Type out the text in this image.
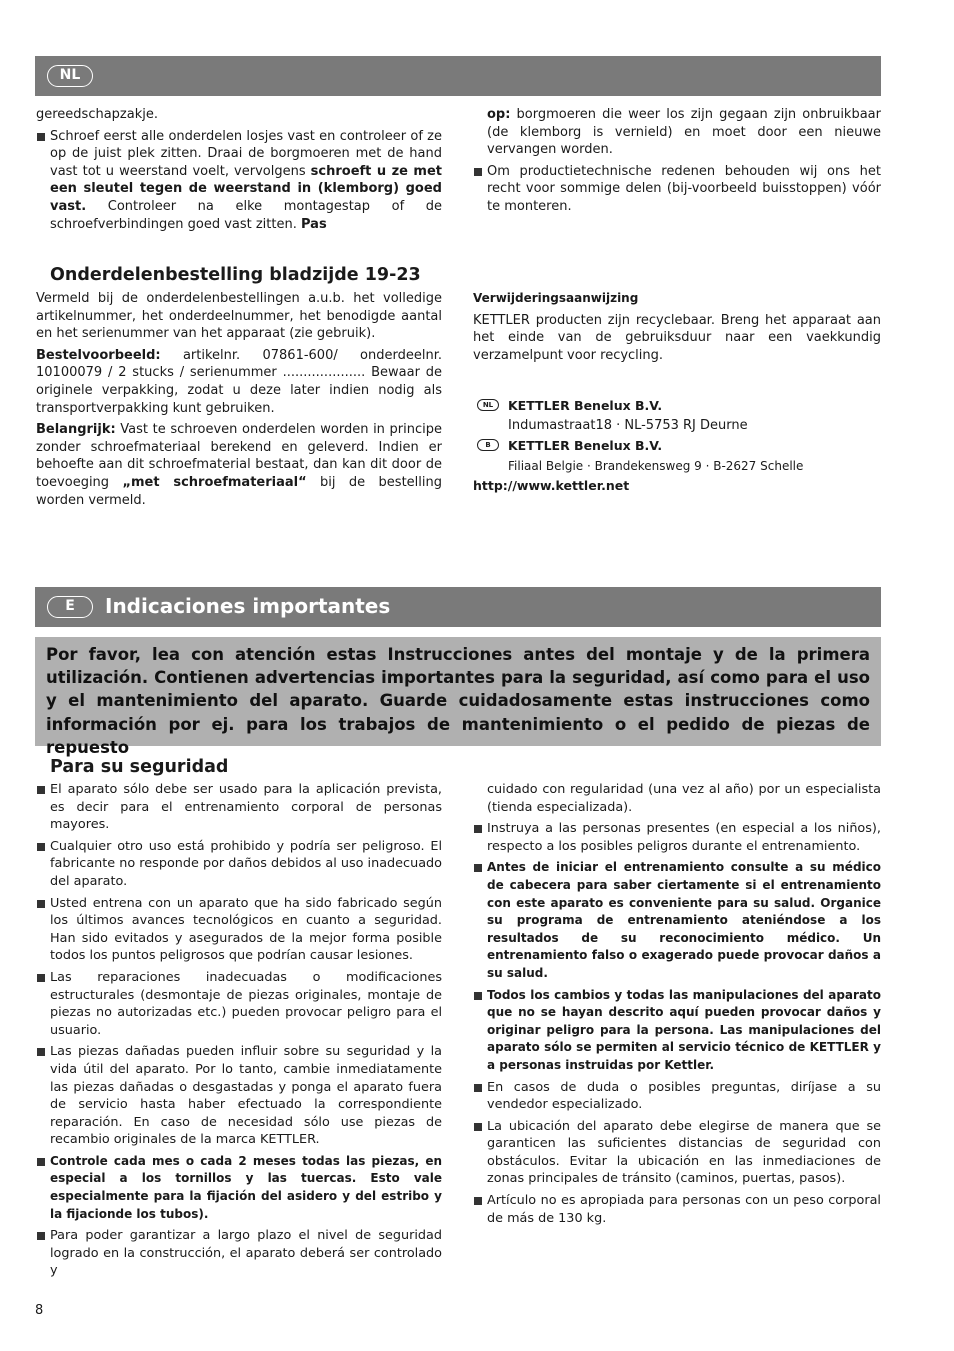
NL

gereedschapzakje.

Schroef eerst alle onderdelen losjes vast en controleer of ze op de juist plek zitten. Draai de borgmoeren met de hand vast tot u weerstand voelt, vervolgens schroeft u ze met een sleutel tegen de weerstand in (klemborg) goed vast. Controleer na elke montagestap of de schroefverbindingen goed vast zitten. Pas

op: borgmoeren die weer los zijn gegaan zijn onbruikbaar (de klemborg is vernield) en moet door een nieuwe vervangen worden.

Om productietechnische redenen behouden wij ons het recht voor sommige delen (bij-voorbeeld buisstoppen) vóór te monteren.
Onderdelenbestelling bladzijde 19-23

Vermeld bij de onderdelenbestellingen a.u.b. het volledige artikelnummer, het onderdeelnummer, het benodigde aantal en het serienummer van het apparaat (zie gebruik).

Bestelvoorbeeld: artikelnr. 07861-600/ onderdeelnr. 10100079 / 2 stucks / serienummer .................... Bewaar de originele verpakking, zodat u deze later indien nodig als transportverpakking kunt gebruiken.

Belangrijk: Vast te schroeven onderdelen worden in principe zonder schroefmateriaal berekend en geleverd. Indien er behoefte aan dit schroefmaterial bestaat, dan kan dit door de toevoeging „met schroefmateriaal“ bij de bestelling worden vermeld.

Verwijderingsaanwijzing

KETTLER producten zijn recyclebaar. Breng het apparaat aan het einde van de gebruiksduur naar een vaekkundig verzamelpunt voor recycling.

NL	KETTLER Benelux B.V.
Indumastraat18 · NL-5753 RJ Deurne
B	KETTLER Benelux B.V.
Filiaal Belgie · Brandekensweg 9 · B-2627 Schelle
http://www.kettler.net
E	Indicaciones importantes
Por favor, lea con atención estas Instrucciones antes del montaje y de la primera utilización. Contienen advertencias importantes para la seguridad, así como para el uso y el mantenimiento del aparato. Guarde cuidadosamente estas instrucciones como información por ej. para los trabajos de mantenimiento o el pedido de piezas de repuesto
Para su seguridad
El aparato sólo debe ser usado para la aplicación prevista, es decir para el entrenamiento corporal de personas mayores.
Cualquier otro uso está prohibido y podría ser peligroso. El fabricante no responde por daños debidos al uso inadecuado del aparato.
Usted entrena con un aparato que ha sido fabricado según los últimos avances tecnológicos en cuanto a seguridad. Han sido evitados y asegurados de la mejor forma posible todos los puntos peligrosos que podrían causar lesiones.
Las reparaciones inadecuadas o modificaciones estructurales (desmontaje de piezas originales, montaje de piezas no autorizadas etc.) pueden provocar peligro para el usuario.
Las piezas dañadas pueden influir sobre su seguridad y la vida útil del aparato. Por lo tanto, cambie inmediatamente las piezas dañadas o desgastadas y ponga el aparato fuera de servicio hasta haber efectuado la correspondiente reparación. En caso de necesidad sólo use piezas de recambio originales de la marca KETTLER.
Controle cada mes o cada 2 meses todas las piezas, en especial a los tornillos y las tuercas. Esto vale especialmente para la fijación del asidero y del estribo y la fijacionde los tubos).
Para poder garantizar a largo plazo el nivel de seguridad logrado en la construcción, el aparato deberá ser controlado y

cuidado con regularidad (una vez al año) por un especialista (tienda especializada).

Instruya a las personas presentes (en especial a los niños), respecto a los posibles peligros durante el entrenamiento.
Antes de iniciar el entrenamiento consulte a su médico de cabecera para saber ciertamente si el entrenamiento con este aparato es conveniente para su salud. Organice su programa de entrenamiento ateniéndose a los resultados de su reconocimiento médico. Un entrenamiento falso o exagerado puede provocar daños a su salud.
Todos los cambios y todas las manipulaciones del aparato que no se hayan descrito aquí pueden provocar daños y originar peligro para la persona. Las manipulaciones del aparato sólo se permiten al servicio técnico de KETTLER y a personas instruidas por Kettler.
En casos de duda o posibles preguntas, diríjase a su vendedor especializado.
La ubicación del aparato debe elegirse de manera que se garanticen las suficientes distancias de seguridad con obstáculos. Evitar la ubicación en las inmediaciones de zonas principales de tránsito (caminos, puertas, pasos).
Artículo no es apropiada para personas con un peso corporal de más de 130 kg.
8
